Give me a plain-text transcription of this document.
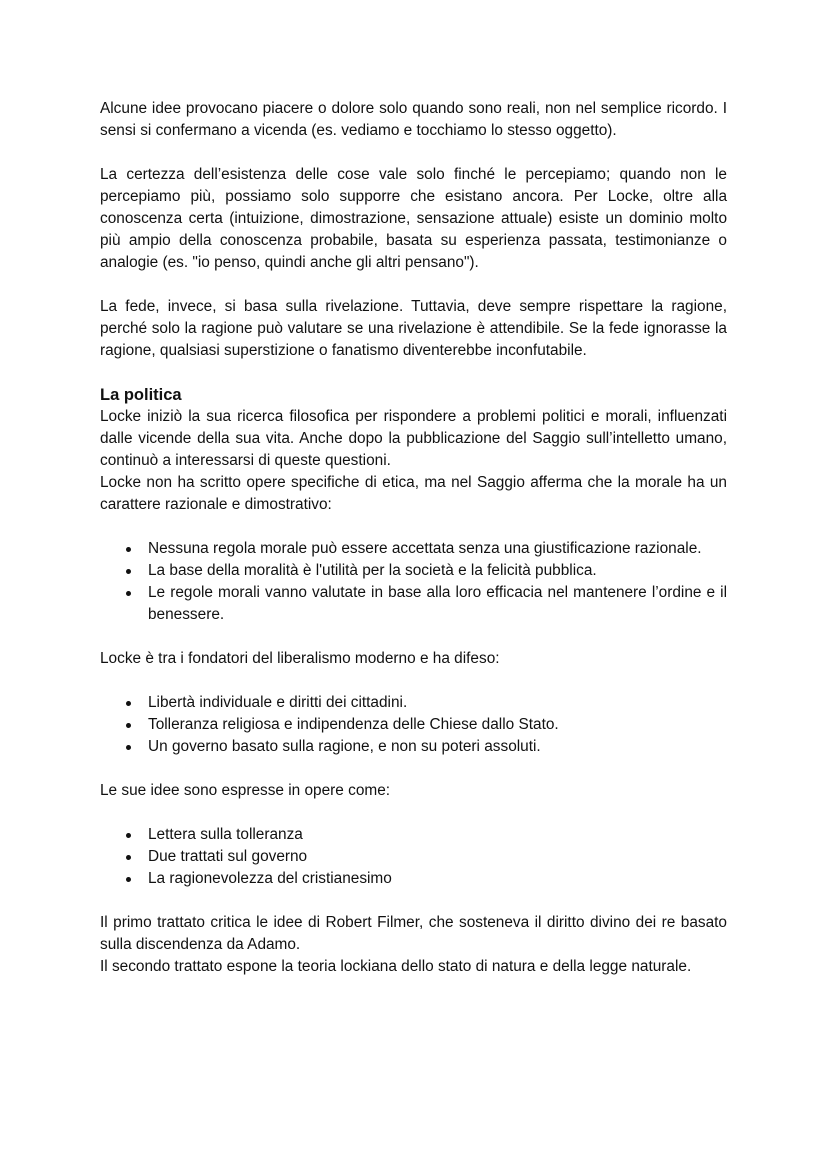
Alcune idee provocano piacere o dolore solo quando sono reali, non nel semplice ricordo. I sensi si confermano a vicenda (es. vediamo e tocchiamo lo stesso oggetto).

La certezza dell’esistenza delle cose vale solo finché le percepiamo; quando non le percepiamo più, possiamo solo supporre che esistano ancora. Per Locke, oltre alla conoscenza certa (intuizione, dimostrazione, sensazione attuale) esiste un dominio molto più ampio della conoscenza probabile, basata su esperienza passata, testimonianze o analogie (es. "io penso, quindi anche gli altri pensano").

La fede, invece, si basa sulla rivelazione. Tuttavia, deve sempre rispettare la ragione, perché solo la ragione può valutare se una rivelazione è attendibile. Se la fede ignorasse la ragione, qualsiasi superstizione o fanatismo diventerebbe inconfutabile.

La politica

Locke iniziò la sua ricerca filosofica per rispondere a problemi politici e morali, influenzati dalle vicende della sua vita. Anche dopo la pubblicazione del Saggio sull’intelletto umano, continuò a interessarsi di queste questioni.

Locke non ha scritto opere specifiche di etica, ma nel Saggio afferma che la morale ha un carattere razionale e dimostrativo:

Nessuna regola morale può essere accettata senza una giustificazione razionale.
La base della moralità è l'utilità per la società e la felicità pubblica.
Le regole morali vanno valutate in base alla loro efficacia nel mantenere l’ordine e il benessere.

Locke è tra i fondatori del liberalismo moderno e ha difeso:

Libertà individuale e diritti dei cittadini.
Tolleranza religiosa e indipendenza delle Chiese dallo Stato.
Un governo basato sulla ragione, e non su poteri assoluti.

Le sue idee sono espresse in opere come:

Lettera sulla tolleranza
Due trattati sul governo
La ragionevolezza del cristianesimo

Il primo trattato critica le idee di Robert Filmer, che sosteneva il diritto divino dei re basato sulla discendenza da Adamo.

Il secondo trattato espone la teoria lockiana dello stato di natura e della legge naturale.
